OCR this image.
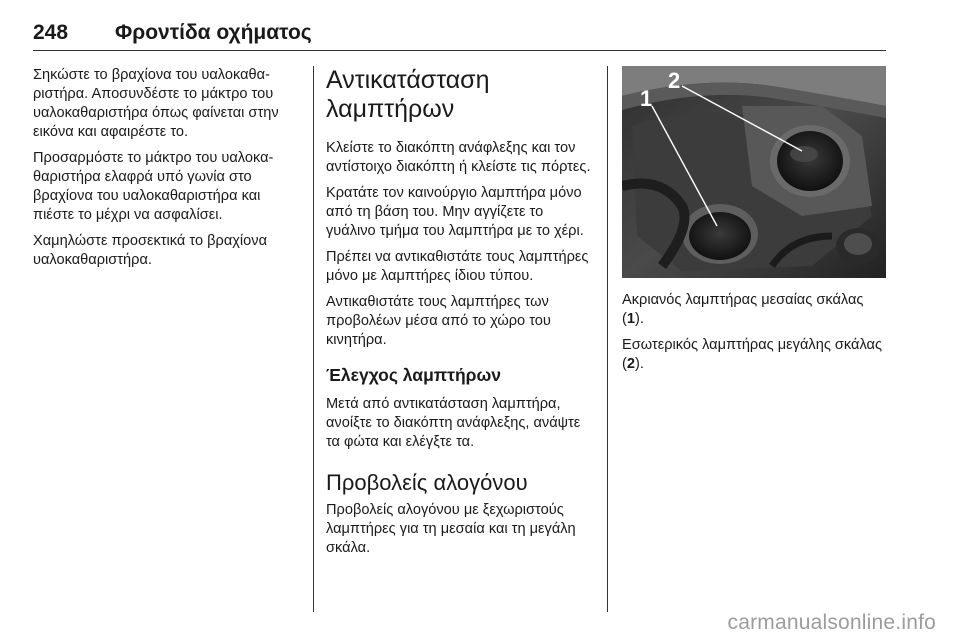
248 Φροντίδα οχήματος

Σηκώστε το βραχίονα του υαλοκαθαριστήρα. Αποσυνδέστε το μάκτρο του υαλοκαθαριστήρα όπως φαίνεται στην εικόνα και αφαιρέστε το.

Προσαρμόστε το μάκτρο του υαλοκαθαριστήρα ελαφρά υπό γωνία στο βραχίονα του υαλοκαθαριστήρα και πιέστε το μέχρι να ασφαλίσει.

Χαμηλώστε προσεκτικά το βραχίονα υαλοκαθαριστήρα.

Αντικατάσταση λαμπτήρων

Κλείστε το διακόπτη ανάφλεξης και τον αντίστοιχο διακόπτη ή κλείστε τις πόρτες.

Κρατάτε τον καινούργιο λαμπτήρα μόνο από τη βάση του. Μην αγγίζετε το γυάλινο τμήμα του λαμπτήρα με το χέρι.

Πρέπει να αντικαθιστάτε τους λαμπτήρες μόνο με λαμπτήρες ίδιου τύπου.

Αντικαθιστάτε τους λαμπτήρες των προβολέων μέσα από το χώρο του κινητήρα.

Έλεγχος λαμπτήρων

Μετά από αντικατάσταση λαμπτήρα, ανοίξτε το διακόπτη ανάφλεξης, ανάψτε τα φώτα και ελέγξτε τα.

Προβολείς αλογόνου

Προβολείς αλογόνου με ξεχωριστούς λαμπτήρες για τη μεσαία και τη μεγάλη σκάλα.

1
2

Ακριανός λαμπτήρας μεσαίας σκάλας (1).

Εσωτερικός λαμπτήρας μεγάλης σκάλας (2).

carmanualsonline.info
